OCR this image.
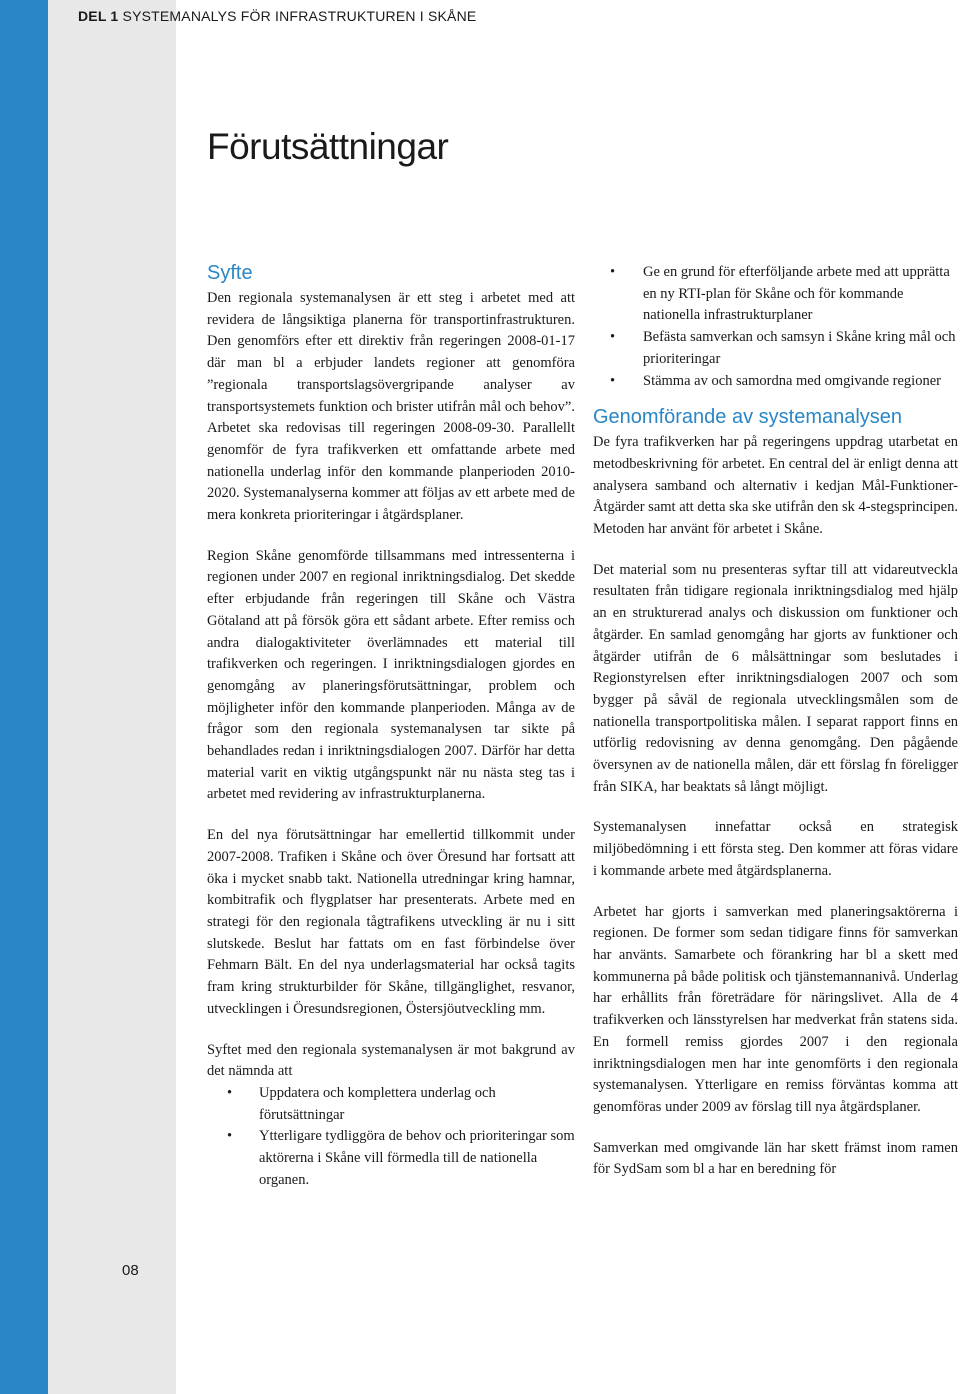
DEL 1 SYSTEMANALYS FÖR INFRASTRUKTUREN I SKÅNE
Förutsättningar
Syfte

Den regionala systemanalysen är ett steg i arbetet med att revidera de långsiktiga planerna för transportinfrastrukturen. Den genomförs efter ett direktiv från regeringen 2008-01-17 där man bl a erbjuder landets regioner att genomföra ”regionala transportslagsövergripande analyser av transportsystemets funktion och brister utifrån mål och behov”. Arbetet ska redovisas till regeringen 2008-09-30. Parallellt genomför de fyra trafikverken ett omfattande arbete med nationella underlag inför den kommande planperioden 2010-2020. Systemanalyserna kommer att följas av ett arbete med de mera konkreta prioriteringar i åtgärdsplaner.

Region Skåne genomförde tillsammans med intressenterna i regionen under 2007 en regional inriktningsdialog. Det skedde efter erbjudande från regeringen till Skåne och Västra Götaland att på försök göra ett sådant arbete. Efter remiss och andra dialogaktiviteter överlämnades ett material till trafikverken och regeringen. I inriktningsdialogen gjordes en genomgång av planeringsförutsättningar, problem och möjligheter inför den kommande planperioden. Många av de frågor som den regionala systemanalysen tar sikte på behandlades redan i inriktningsdialogen 2007. Därför har detta material varit en viktig utgångspunkt när nu nästa steg tas i arbetet med revidering av infrastrukturplanerna.

En del nya förutsättningar har emellertid tillkommit under 2007-2008. Trafiken i Skåne och över Öresund har fortsatt att öka i mycket snabb takt. Nationella utredningar kring hamnar, kombitrafik och flygplatser har presenterats. Arbete med en strategi för den regionala tågtrafikens utveckling är nu i sitt slutskede. Beslut har fattats om en fast förbindelse över Fehmarn Bält. En del nya underlagsmaterial har också tagits fram kring strukturbilder för Skåne, tillgänglighet, resvanor, utvecklingen i Öresundsregionen, Östersjöutveckling mm.

Syftet med den regionala systemanalysen är mot bakgrund av det nämnda att

• Uppdatera och komplettera underlag och förutsättningar
• Ytterligare tydliggöra de behov och prioriteringar som aktörerna i Skåne vill förmedla till de nationella organen.
• Ge en grund för efterföljande arbete med att upprätta en ny RTI-plan för Skåne och för kommande nationella infrastrukturplaner
• Befästa samverkan och samsyn i Skåne kring mål och prioriteringar
• Stämma av och samordna med omgivande regioner
Genomförande av systemanalysen

De fyra trafikverken har på regeringens uppdrag utarbetat en metodbeskrivning för arbetet. En central del är enligt denna att analysera samband och alternativ i kedjan Mål-Funktioner-Åtgärder samt att detta ska ske utifrån den sk 4-stegsprincipen. Metoden har använt för arbetet i Skåne.

Det material som nu presenteras syftar till att vidareutveckla resultaten från tidigare regionala inriktningsdialog med hjälp an en strukturerad analys och diskussion om funktioner och åtgärder. En samlad genomgång har gjorts av funktioner och åtgärder utifrån de 6 målsättningar som beslutades i Regionstyrelsen efter inriktningsdialogen 2007 och som bygger på såväl de regionala utvecklingsmålen som de nationella transportpolitiska målen. I separat rapport finns en utförlig redovisning av denna genomgång. Den pågående översynen av de nationella målen, där ett förslag fn föreligger från SIKA, har beaktats så långt möjligt.

Systemanalysen innefattar också en strategisk miljöbedömning i ett första steg. Den kommer att föras vidare i kommande arbete med åtgärdsplanerna.

Arbetet har gjorts i samverkan med planeringsaktörerna i regionen. De former som sedan tidigare finns för samverkan har använts. Samarbete och förankring har bl a skett med kommunerna på både politisk och tjänstemannanivå. Underlag har erhållits från företrädare för näringslivet. Alla de 4 trafikverken och länsstyrelsen har medverkat från statens sida. En formell remiss gjordes 2007 i den regionala inriktningsdialogen men har inte genomförts i den regionala systemanalysen. Ytterligare en remiss förväntas komma att genomföras under 2009 av förslag till nya åtgärdsplaner.

Samverkan med omgivande län har skett främst inom ramen för SydSam som bl a har en beredning för

08
